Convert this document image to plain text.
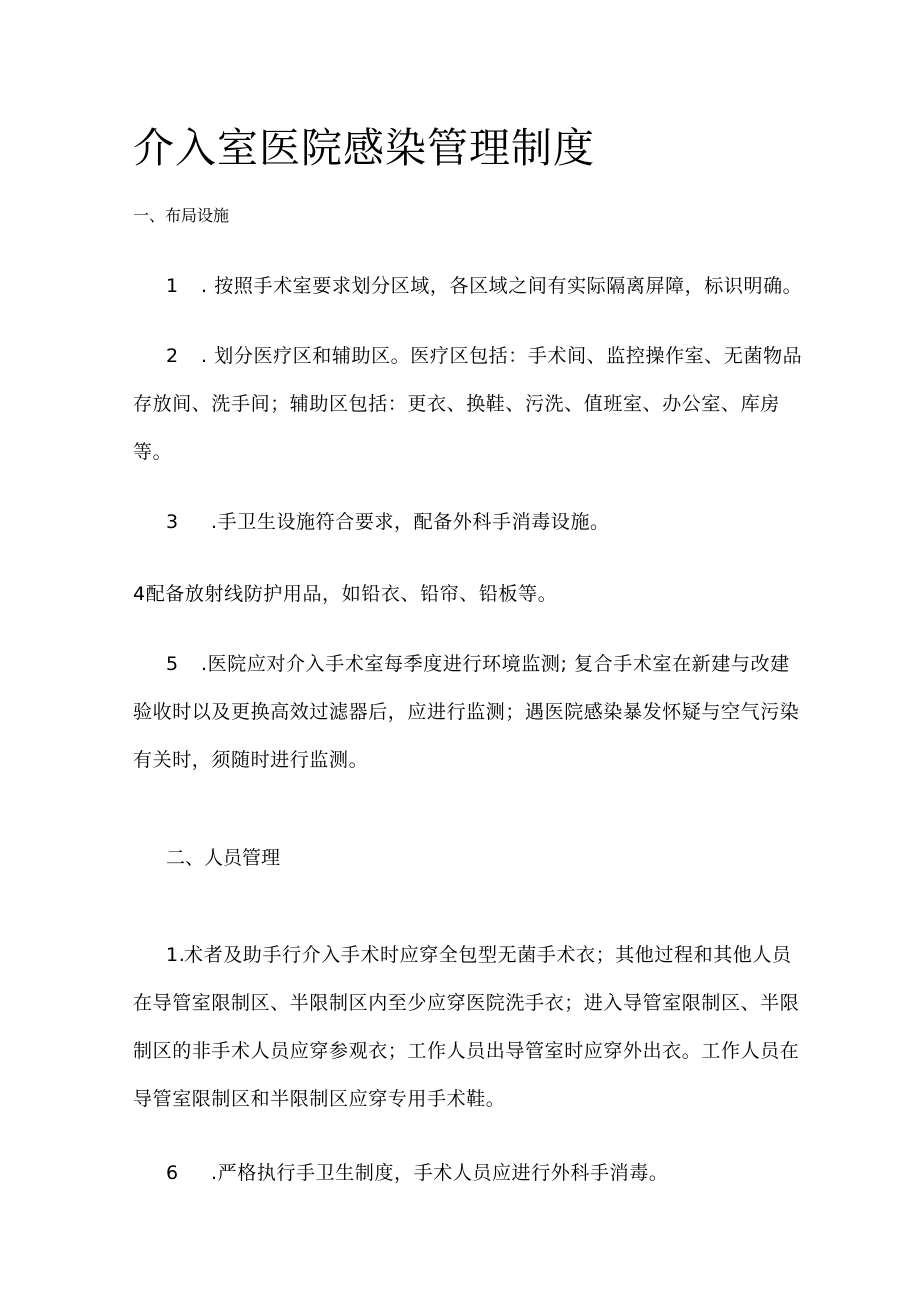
介入室医院感染管理制度
一、布局设施
1 . 按照手术室要求划分区域，各区域之间有实际隔离屏障，标识明确。
2 . 划分医疗区和辅助区。医疗区包括：手术间、监控操作室、无菌物品存放间、洗手间；辅助区包括：更衣、换鞋、污洗、值班室、办公室、库房等。
3 .手卫生设施符合要求，配备外科手消毒设施。
4配备放射线防护用品，如铅衣、铅帘、铅板等。
5 .医院应对介入手术室每季度进行环境监测; 复合手术室在新建与改建验收时以及更换高效过滤器后，应进行监测；遇医院感染暴发怀疑与空气污染有关时，须随时进行监测。
二、人员管理
1.术者及助手行介入手术时应穿全包型无菌手术衣；其他过程和其他人员在导管室限制区、半限制区内至少应穿医院洗手衣；进入导管室限制区、半限制区的非手术人员应穿参观衣；工作人员出导管室时应穿外出衣。工作人员在导管室限制区和半限制区应穿专用手术鞋。
6 .严格执行手卫生制度，手术人员应进行外科手消毒。
